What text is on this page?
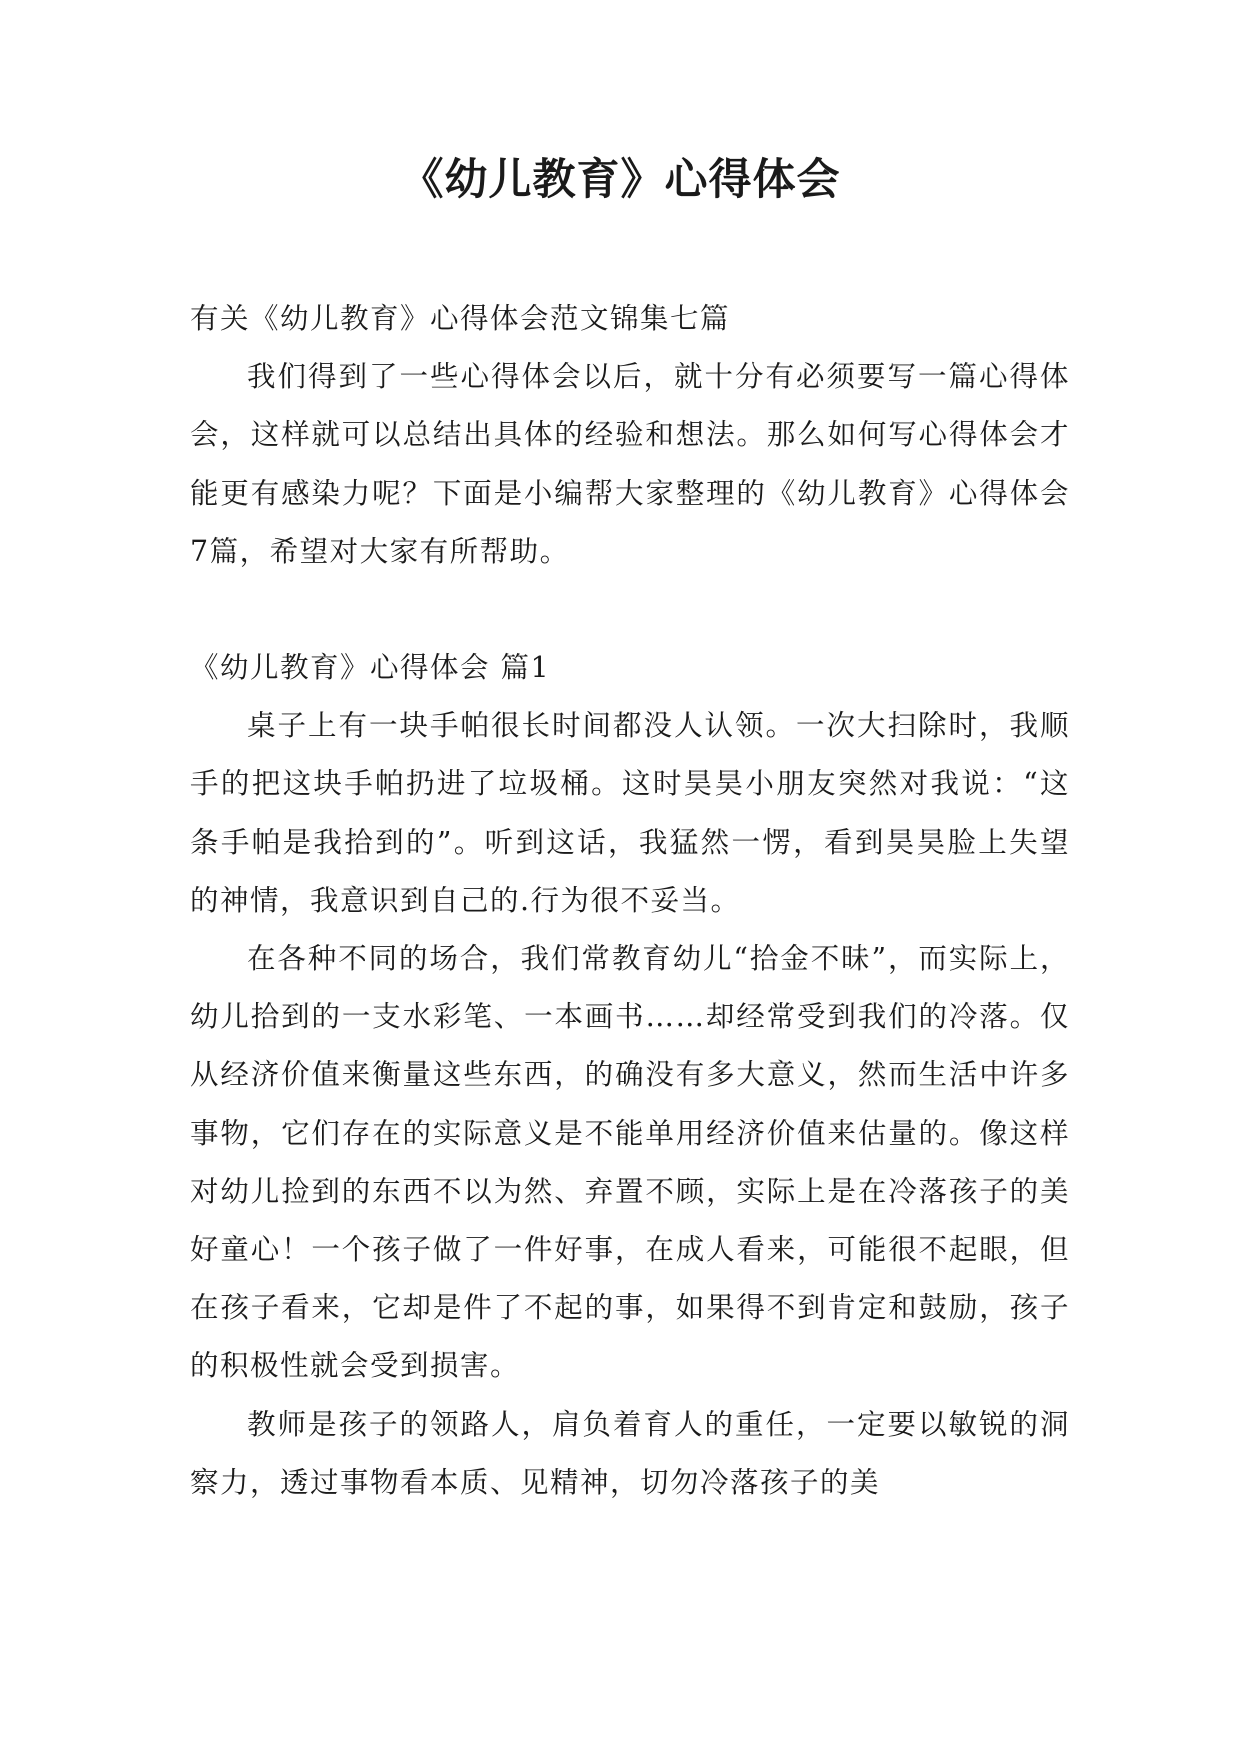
《幼儿教育》心得体会

有关《幼儿教育》心得体会范文锦集七篇

我们得到了一些心得体会以后，就十分有必须要写一篇心得体会，这样就可以总结出具体的经验和想法。那么如何写心得体会才能更有感染力呢？下面是小编帮大家整理的《幼儿教育》心得体会7篇，希望对大家有所帮助。

《幼儿教育》心得体会 篇1

桌子上有一块手帕很长时间都没人认领。一次大扫除时，我顺手的把这块手帕扔进了垃圾桶。这时昊昊小朋友突然对我说：“这条手帕是我拾到的”。听到这话，我猛然一愣，看到昊昊脸上失望的神情，我意识到自己的.行为很不妥当。

在各种不同的场合，我们常教育幼儿“拾金不昧”，而实际上，幼儿拾到的一支水彩笔、一本画书……却经常受到我们的冷落。仅从经济价值来衡量这些东西，的确没有多大意义，然而生活中许多事物，它们存在的实际意义是不能单用经济价值来估量的。像这样对幼儿捡到的东西不以为然、弃置不顾，实际上是在冷落孩子的美好童心！一个孩子做了一件好事，在成人看来，可能很不起眼，但在孩子看来，它却是件了不起的事，如果得不到肯定和鼓励，孩子的积极性就会受到损害。

教师是孩子的领路人，肩负着育人的重任，一定要以敏锐的洞察力，透过事物看本质、见精神，切勿冷落孩子的美
